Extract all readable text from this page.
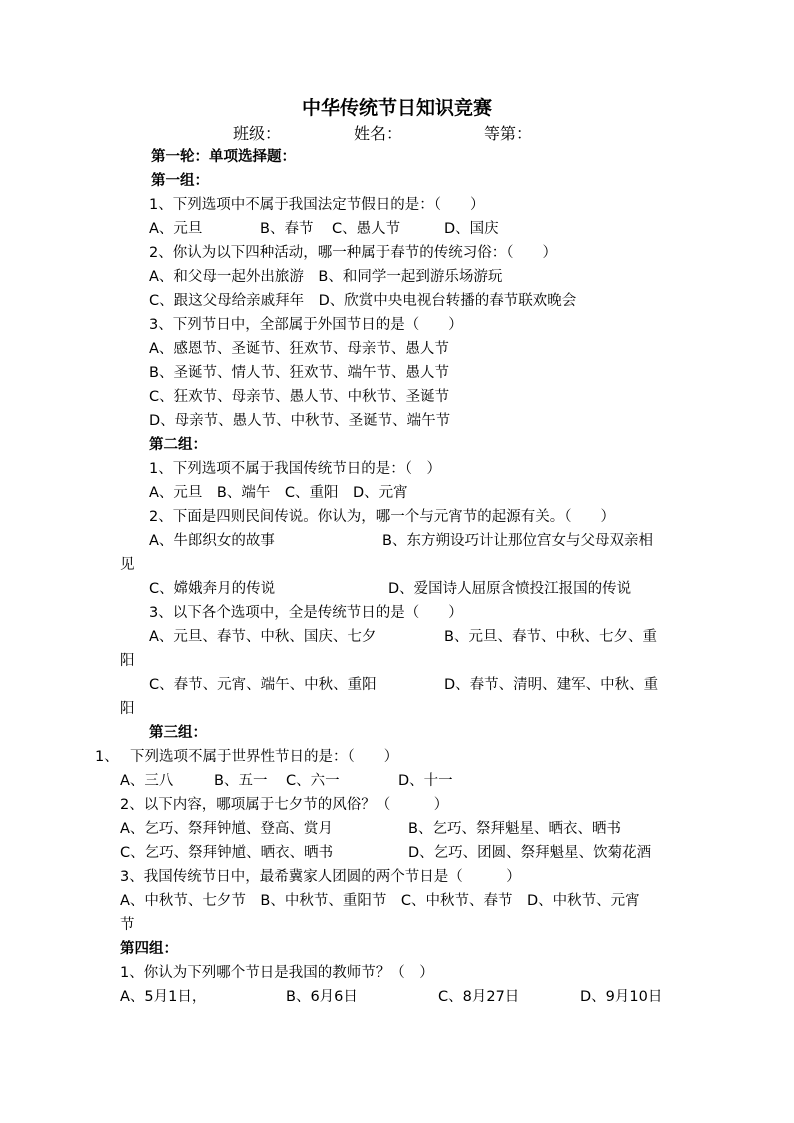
中华传统节日知识竞赛
班级：	姓名：	等第：
第一轮：单项选择题：
第一组：
1、下列选项中不属于我国法定节假日的是：（　　）
A、元旦	B、春节 C、愚人节	D、国庆
2、你认为以下四种活动，哪一种属于春节的传统习俗：（　　）
A、和父母一起外出旅游　B、和同学一起到游乐场游玩
C、跟这父母给亲戚拜年　D、欣赏中央电视台转播的春节联欢晚会
3、下列节日中，全部属于外国节日的是（　　）
A、感恩节、圣诞节、狂欢节、母亲节、愚人节
B、圣诞节、情人节、狂欢节、端午节、愚人节
C、狂欢节、母亲节、愚人节、中秋节、圣诞节
D、母亲节、愚人节、中秋节、圣诞节、端午节
第二组：
1、下列选项不属于我国传统节日的是：（　）
A、元旦　B、端午　C、重阳　D、元宵
2、下面是四则民间传说。你认为，哪一个与元宵节的起源有关。（　　）
A、牛郎织女的故事	B、东方朔设巧计让那位宫女与父母双亲相
见
C、嫦娥奔月的传说	D、爱国诗人屈原含愤投江报国的传说
3、以下各个选项中，全是传统节日的是（　　）
A、元旦、春节、中秋、国庆、七夕	B、元旦、春节、中秋、七夕、重
阳
C、春节、元宵、端午、中秋、重阳	D、春节、清明、建军、中秋、重
阳
第三组：
1、 下列选项不属于世界性节日的是：（　　）
A、三八	B、五一 C、六一	D、十一
2、以下内容，哪项属于七夕节的风俗？（　　　）
A、乞巧、祭拜钟馗、登高、赏月	B、乞巧、祭拜魁星、晒衣、晒书
C、乞巧、祭拜钟馗、晒衣、晒书	D、乞巧、团圆、祭拜魁星、饮菊花酒
3、我国传统节日中，最希冀家人团圆的两个节日是（　　　）
A、中秋节、七夕节　B、中秋节、重阳节　C、中秋节、春节　D、中秋节、元宵
节
第四组：
1、你认为下列哪个节日是我国的教师节？（　）
A、5月1日，	B、6月6日	C、8月27日	D、9月10日
